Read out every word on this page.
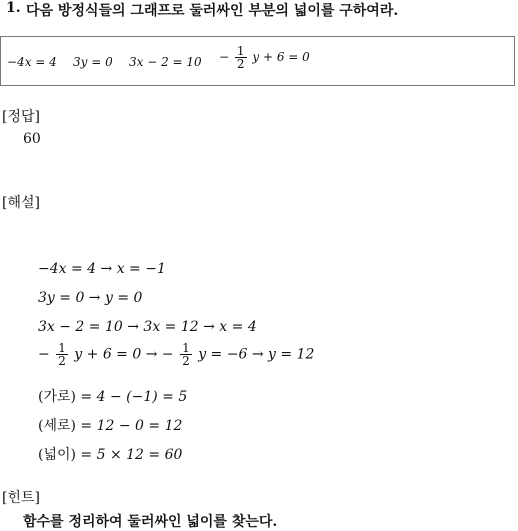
1. 다음 방정식들의 그래프로 둘러싸인 부분의 넓이를 구하여라.
−4x = 4 3y = 0 $3x - 2 = 10 - \frac{1}{2}$ y + 6 = 0
[정답]
60
[해설]
−4x = 4 → x = −1
3y = 0 → y = 0
3x − 2 = 10 → 3x = 12 → x = 4
− $\frac{1}{2}$ y + 6 = 0 → − $\frac{1}{2}$ y = −6 → y = 12
(가로) = 4 − (−1) = 5
(세로) = 12 − 0 = 12
(넓이) = 5 × 12 = 60
[힌트]
함수를 정리하여 둘러싸인 넓이를 찾는다.
